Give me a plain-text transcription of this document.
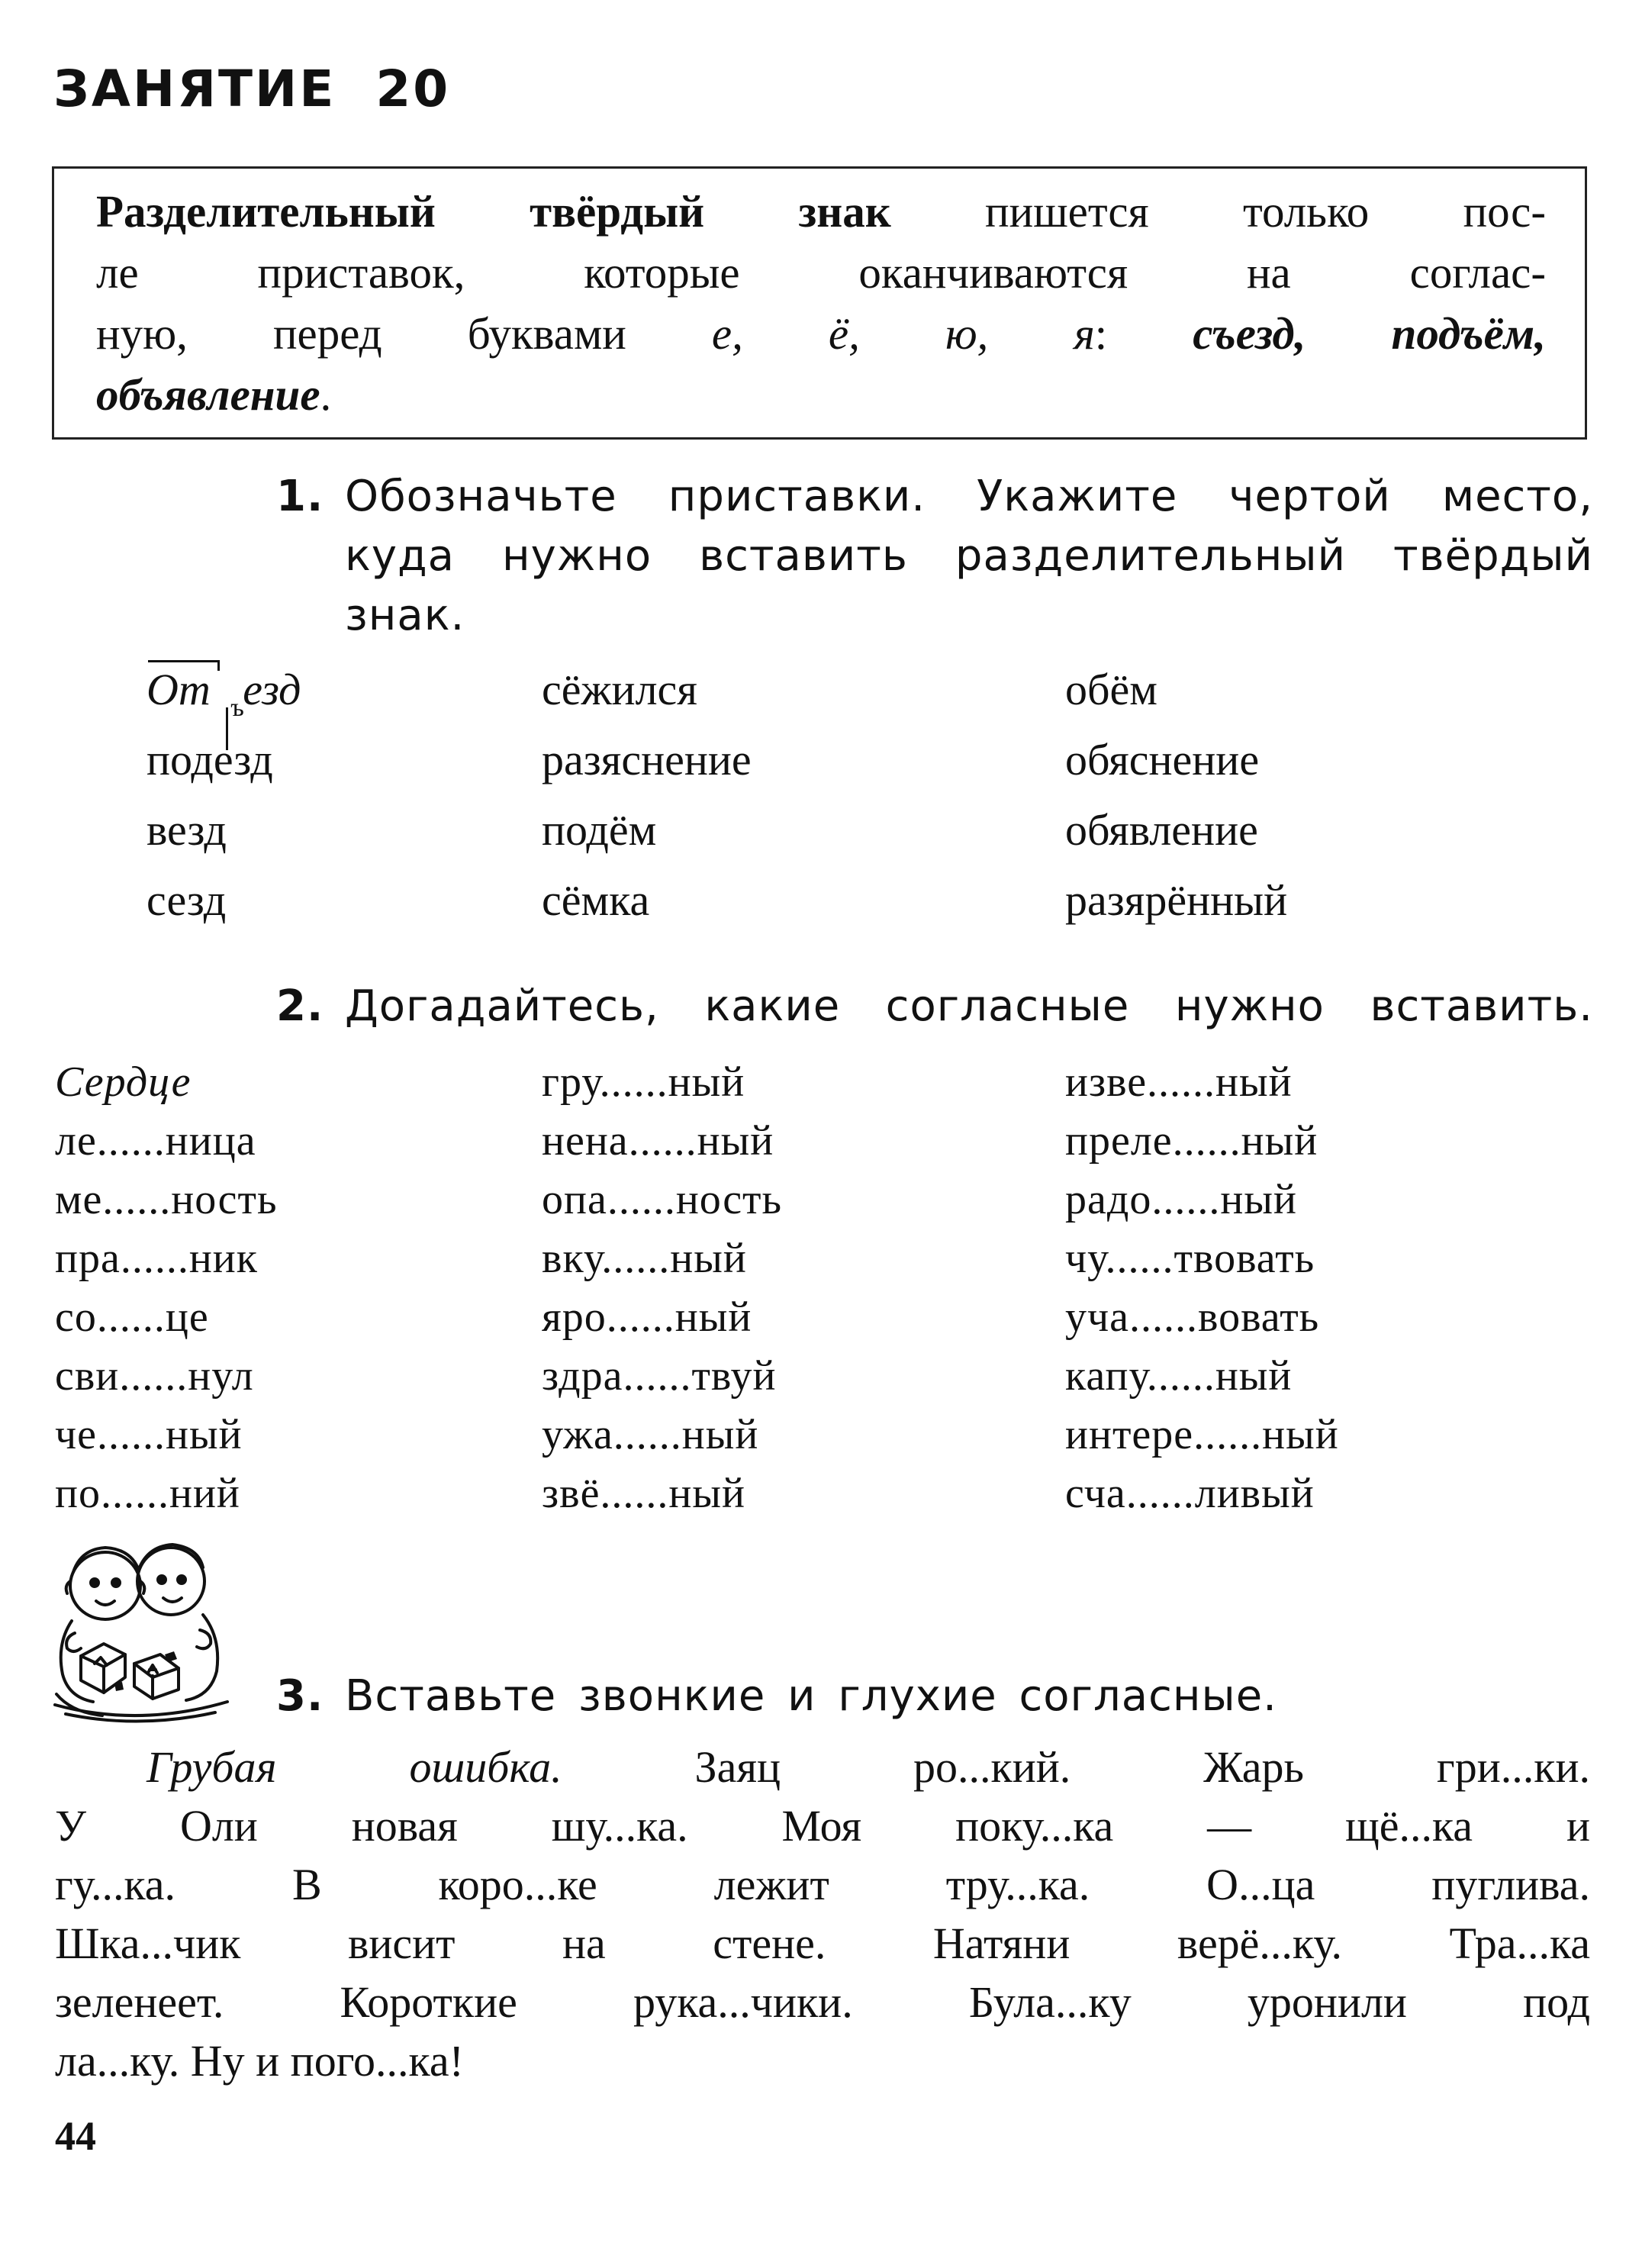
ЗАНЯТИЕ  20
Разделительный твёрдый знак пишется только пос-
ле приставок, которые оканчиваются на соглас-
ную, перед буквами е, ё, ю, я: съезд, подъём,
объявление.
1. Обозначьте приставки. Укажите чертой место,
куда нужно вставить разделительный твёрдый
знак.
От ъ
езд
подезд
везд
сезд
сёжился
разяснение
подём
сёмка
обём
обяснение
обявление
разярённый
2. Догадайтесь, какие согласные нужно вставить.
Сердце
ле......ница
ме......ность
пра......ник
со......це
сви......нул
че......ный
по......ний
гру......ный
нена......ный
опа......ность
вку......ный
яро......ный
здра......твуй
ужа......ный
звё......ный
изве......ный
преле......ный
радо......ный
чу......твовать
уча......вовать
капу......ный
интере......ный
сча......ливый
3. Вставьте звонкие и глухие согласные.
Грубая ошибка. Заяц ро...кий. Жарь гри...ки.
У Оли новая шу...ка. Моя поку...ка — щё...ка и
гу...ка. В коро...ке лежит тру...ка. О...ца пуглива.
Шка...чик висит на стене. Натяни верё...ку. Тра...ка
зеленеет. Короткие рука...чики. Була...ку уронили под
ла...ку. Ну и пого...ка!
44
